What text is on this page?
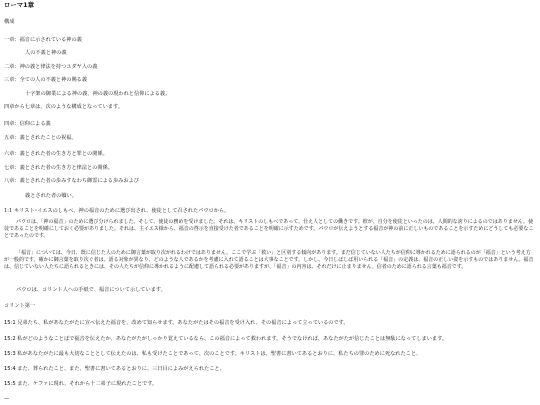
ローマ1章
構成
一章：福音に示されている神の義
人の不義と神の義
二章：神の義と律法を持つユダヤ人の義
三章：全ての人の不義と神の賜る義
十字架の御業による神の義、神の義の現われと信仰による義。
四章から七章は、次のような構成となっています。
四章：信仰による義
五章：義とされたことの祝福。
六章：義とされた者の生き方と罪との関係。
七章：義とされた者の生き方と律法との関係。
八章：義とされた者の歩みすなわち御霊による歩みおよび
義とされた者の贖い。
1:1 キリスト･イエスのしもべ、神の福音のために選び出され、使徒として召されたパウロから。
パウロは、「神の福音」のために選び分けられました。そして、使徒の務めを受けました。それは、キリストのしもべであって、仕え人としての働きです。彼が、自分を使徒といったのは、人間的な誇りによるのではありません。使徒であることを明確にしておく必要がありました。それは、主イエス様から、福音の啓示を直接受けた者であることを明確に示すためです。パウロが伝えようとする福音が神の前に正しいものであることを示すためにどうしても必要なことであったのです。
「福音」については、今日、既に信じた人のために御言葉が取り次がれるわけではありません。ここで学ぶ「救い」と区別する傾向があります。まだ信じていない人たちが信仰に導かれるために語られるのが「福音」という考え方が一般的です。確かに御言葉を取り次ぐ者は、語る対象が異なり、どのような人であるかを考慮に入れて語ることは大事なことです。しかし、今日しばしば用いられる「福音」の定義は、福音の正しい姿を示すものではありません。福音は、信じていない人たちに語られるときには、その人たちが信仰に導かれるように配慮して語られる必要がありますが、「福音」の内容は、それだけに止まりません。信者のために語られる言葉も福音です。
パウロは、コリント人への手紙で、福音について示しています。
コリント第一
15:1 兄弟たち、私があなたがたに宣べ伝えた福音を、改めて知らせます。あなたがたはその福音を受け入れ、その福音によって立っているのです。
15:2 私がどのようなことばで福音を伝えたか、あなたがたがしっかり覚えているなら、この福音によって救われます。そうでなければ、あなたがたが信じたことは無駄になってしまいます。
15:3 私があなたがたに最も大切なこととして伝えたのは、私も受けたことであって、次のことです。キリストは、聖書に書いてあるとおりに、私たちの罪のために死なれたこと、
15:4 また、葬られたこと、また、聖書に書いてあるとおりに、三日目によみがえられたこと、
15:5 また、ケファに現れ、それから十二弟子に現れたことです。
—
